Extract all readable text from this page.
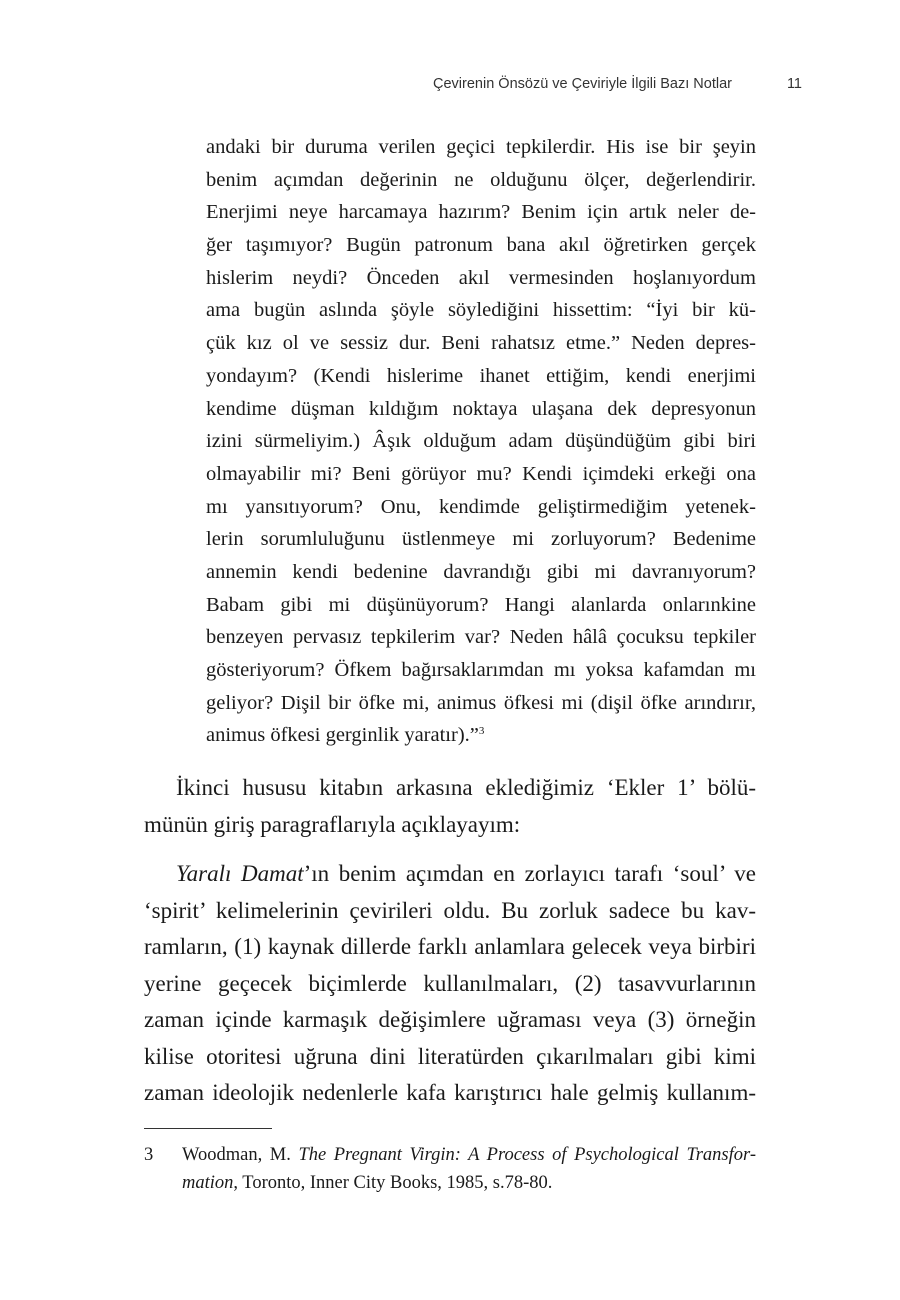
Çevirenin Önsözü ve Çeviriyle İlgili Bazı Notlar	11
andaki bir duruma verilen geçici tepkilerdir. His ise bir şeyin
benim açımdan değerinin ne olduğunu ölçer, değerlendirir.
Enerjimi neye harcamaya hazırım? Benim için artık neler de-
ğer taşımıyor? Bugün patronum bana akıl öğretirken gerçek
hislerim neydi? Önceden akıl vermesinden hoşlanıyordum
ama bugün aslında şöyle söylediğini hissettim: “İyi bir kü-
çük kız ol ve sessiz dur. Beni rahatsız etme.” Neden depres-
yondayım? (Kendi hislerime ihanet ettiğim, kendi enerjimi
kendime düşman kıldığım noktaya ulaşana dek depresyonun
izini sürmeliyim.) Âşık olduğum adam düşündüğüm gibi biri
olmayabilir mi? Beni görüyor mu? Kendi içimdeki erkeği ona
mı yansıtıyorum? Onu, kendimde geliştirmediğim yetenek-
lerin sorumluluğunu üstlenmeye mi zorluyorum? Bedenime
annemin kendi bedenine davrandığı gibi mi davranıyorum?
Babam gibi mi düşünüyorum? Hangi alanlarda onlarınkine
benzeyen pervasız tepkilerim var? Neden hâlâ çocuksu tepkiler
gösteriyorum? Öfkem bağırsaklarımdan mı yoksa kafamdan mı
geliyor? Dişil bir öfke mi, animus öfkesi mi (dişil öfke arındırır,
animus öfkesi gerginlik yaratır).”$^3$
İkinci hususu kitabın arkasına eklediğimiz ‘Ekler 1’ bölü-
münün giriş paragraflarıyla açıklayayım:
Yaralı Damat’ın benim açımdan en zorlayıcı tarafı ‘soul’ ve
‘spirit’ kelimelerinin çevirileri oldu. Bu zorluk sadece bu kav-
ramların, (1) kaynak dillerde farklı anlamlara gelecek veya birbiri
yerine geçecek biçimlerde kullanılmaları, (2) tasavvurlarının
zaman içinde karmaşık değişimlere uğraması veya (3) örneğin
kilise otoritesi uğruna dini literatürden çıkarılmaları gibi kimi
zaman ideolojik nedenlerle kafa karıştırıcı hale gelmiş kullanım-
3 Woodman, M. The Pregnant Virgin: A Process of Psychological Transfor-
mation, Toronto, Inner City Books, 1985, s.78-80.
